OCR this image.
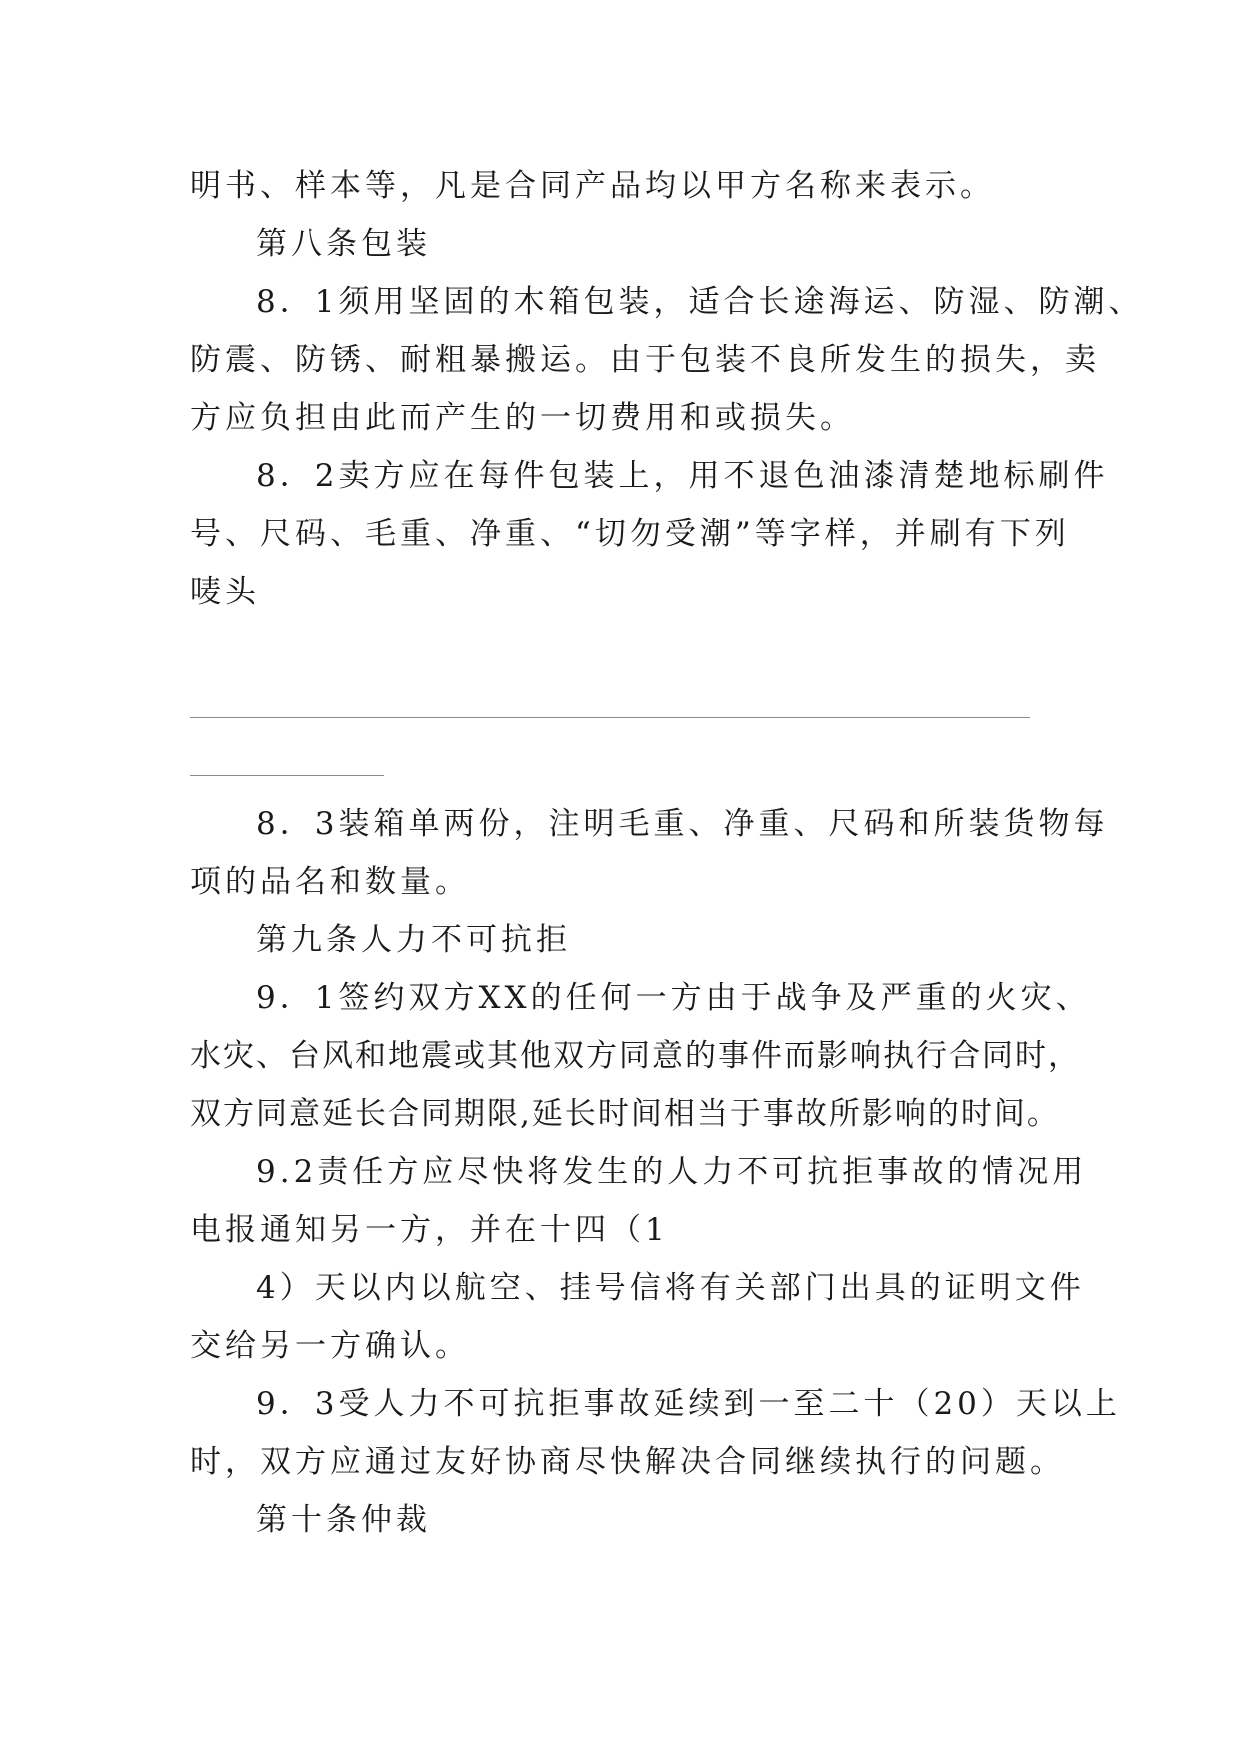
明书、样本等，凡是合同产品均以甲方名称来表示。
第八条包装
8．1须用坚固的木箱包装，适合长途海运、防湿、防潮、
防震、防锈、耐粗暴搬运。由于包装不良所发生的损失，卖
方应负担由此而产生的一切费用和或损失。
8．2卖方应在每件包装上，用不退色油漆清楚地标刷件
号、尺码、毛重、净重、“切勿受潮”等字样，并刷有下列
唛头
8．3装箱单两份，注明毛重、净重、尺码和所装货物每
项的品名和数量。
第九条人力不可抗拒
9．1签约双方XX的任何一方由于战争及严重的火灾、
水灾、台风和地震或其他双方同意的事件而影响执行合同时，
双方同意延长合同期限,延长时间相当于事故所影响的时间。
9.2责任方应尽快将发生的人力不可抗拒事故的情况用
电报通知另一方，并在十四（1
4）天以内以航空、挂号信将有关部门出具的证明文件
交给另一方确认。
9．3受人力不可抗拒事故延续到一至二十（20）天以上
时，双方应通过友好协商尽快解决合同继续执行的问题。
第十条仲裁
